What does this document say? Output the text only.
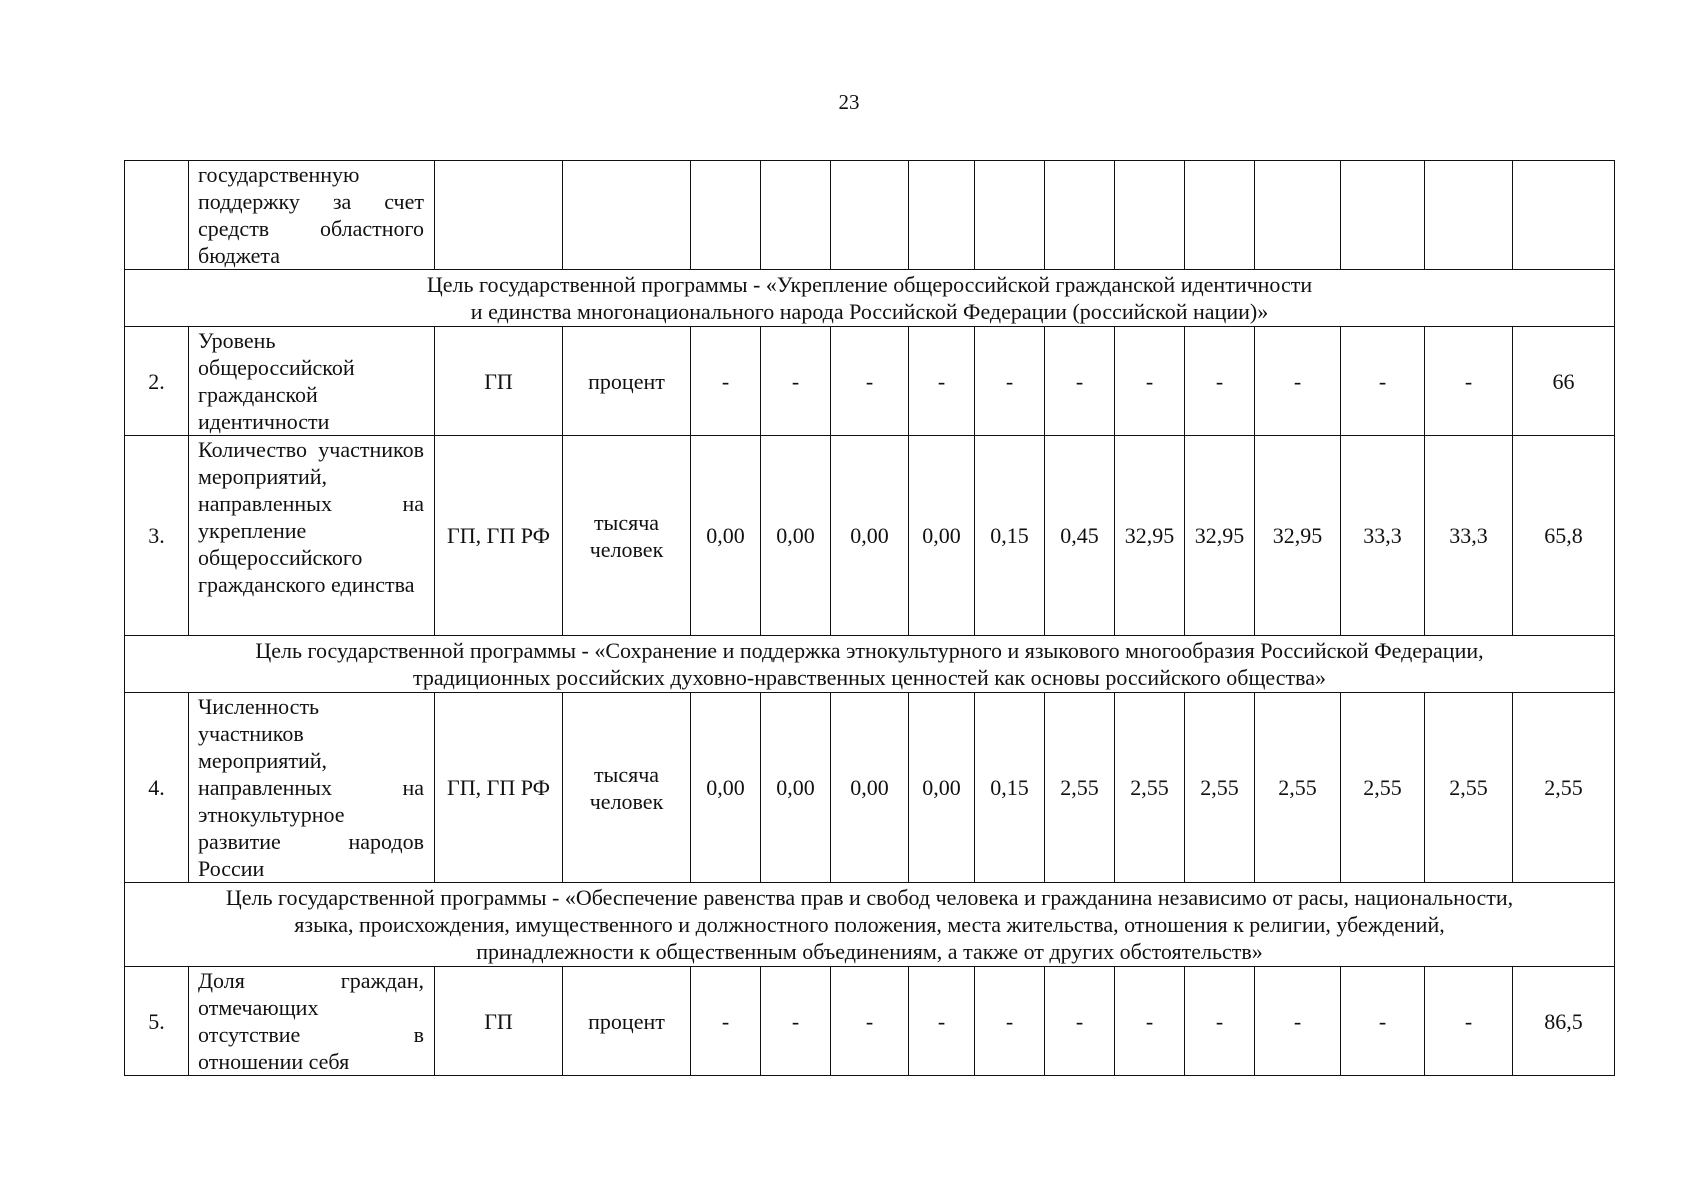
23
	государственную поддержку за счет средств областного бюджета														

Цель государственной программы - «Укрепление общероссийской гражданской идентичности
и единства многонационального народа Российской Федерации (российской нации)»															

2.	Уровень общероссийской гражданской идентичности	ГП	процент	-	-	-	-	-	-	-	-	-	-	-	66
3.	Количество участников мероприятий, направленных на укрепление общероссийского гражданского единства	ГП, ГП РФ	тысяча человек	0,00	0,00	0,00	0,00	0,15	0,45	32,95	32,95	32,95	33,3	33,3	65,8

Цель государственной программы - «Сохранение и поддержка этнокультурного и языкового многообразия Российской Федерации,
традиционных российских духовно-нравственных ценностей как основы российского общества»															

4.	Численность участников мероприятий, направленных на этнокультурное развитие народов России	ГП, ГП РФ	тысяча человек	0,00	0,00	0,00	0,00	0,15	2,55	2,55	2,55	2,55	2,55	2,55	2,55

Цель государственной программы - «Обеспечение равенства прав и свобод человека и гражданина независимо от расы, национальности,
языка, происхождения, имущественного и должностного положения, места жительства, отношения к религии, убеждений,
принадлежности к общественным объединениям, а также от других обстоятельств»															

5.	Доля граждан, отмечающих отсутствие в отношении себя	ГП	процент	-	-	-	-	-	-	-	-	-	-	-	86,5
